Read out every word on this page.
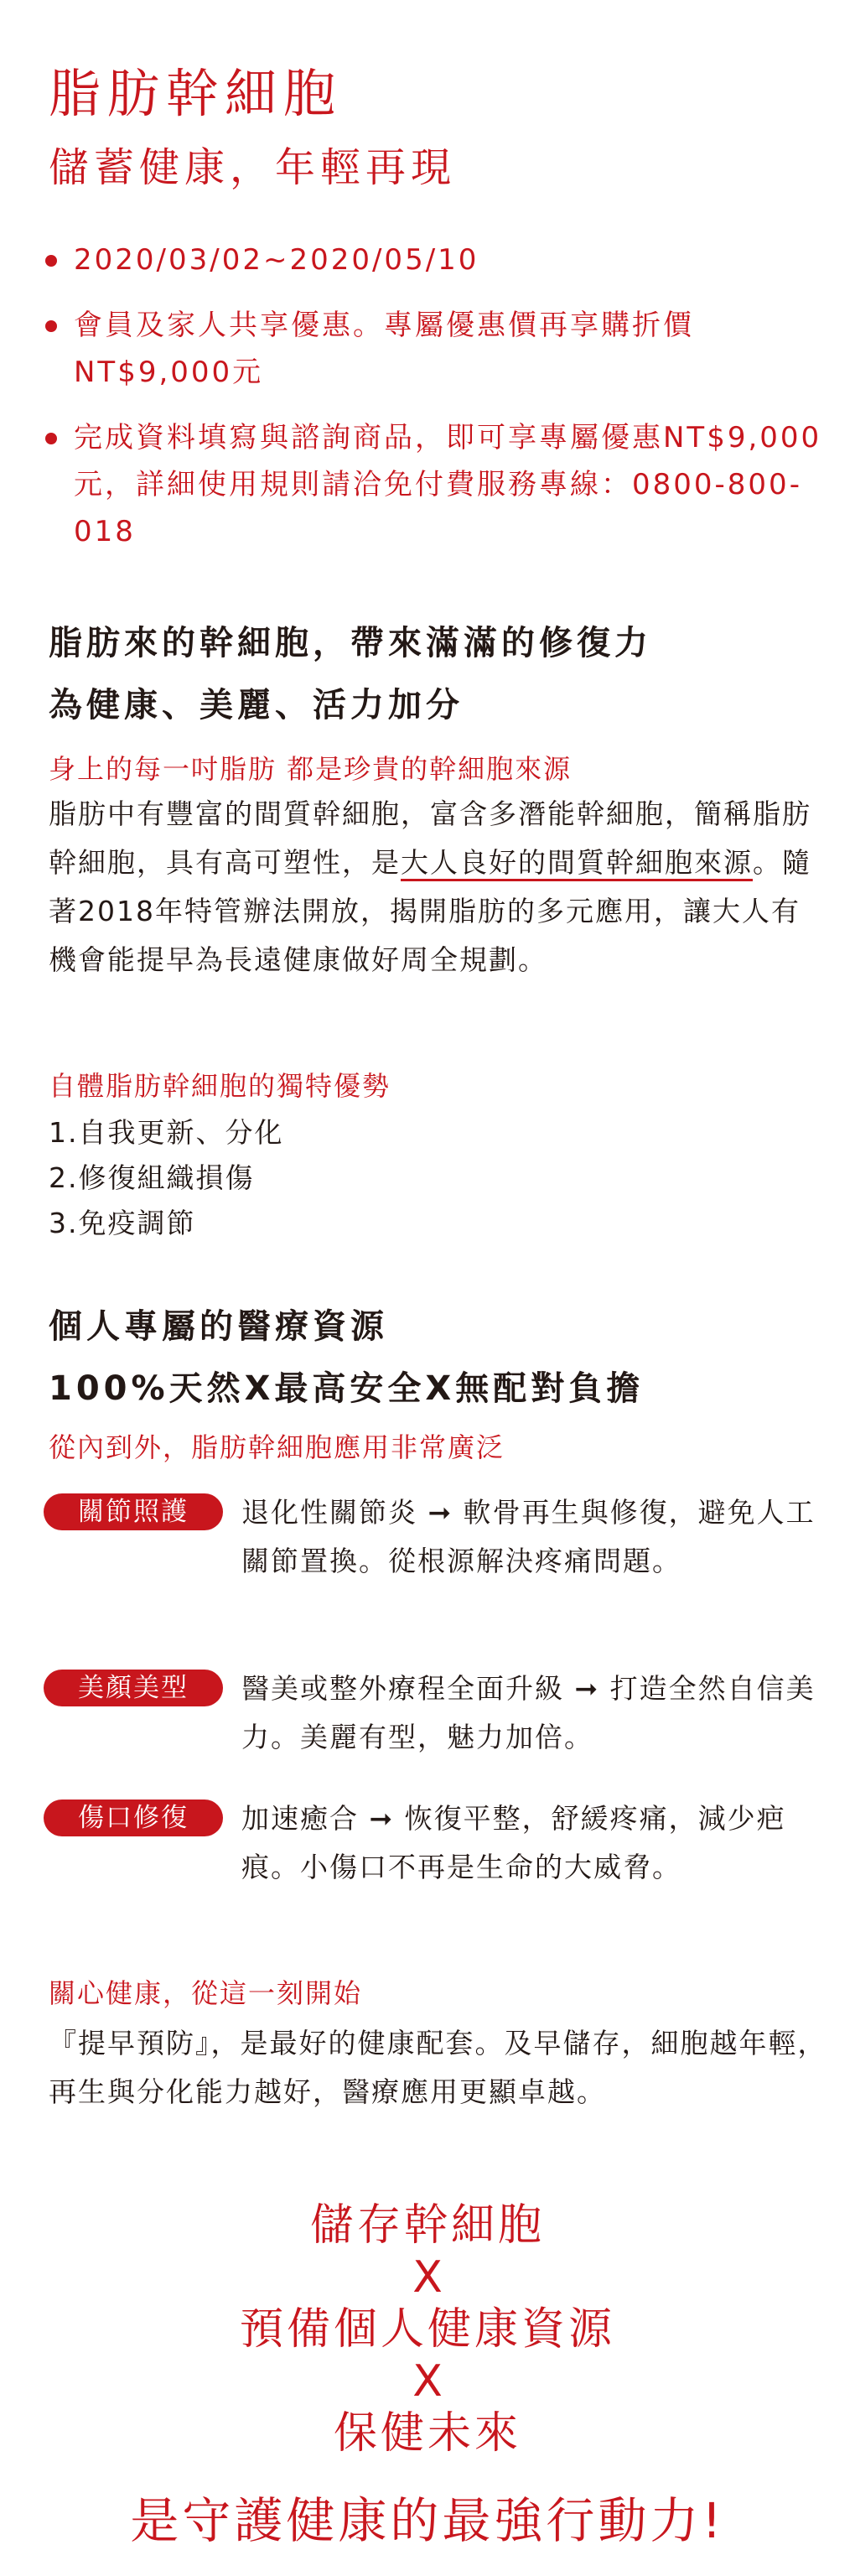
脂肪幹細胞
儲蓄健康，年輕再現
2020/03/02~2020/05/10
會員及家人共享優惠。專屬優惠價再享購折價NT$9,000元
完成資料填寫與諮詢商品，即可享專屬優惠NT$9,000元，詳細使用規則請洽免付費服務專線：0800-800-018
脂肪來的幹細胞，帶來滿滿的修復力
為健康、美麗、活力加分
身上的每一吋脂肪 都是珍貴的幹細胞來源
脂肪中有豐富的間質幹細胞，富含多潛能幹細胞，簡稱脂肪幹細胞，具有高可塑性，是大人良好的間質幹細胞來源。隨著2018年特管辦法開放，揭開脂肪的多元應用，讓大人有機會能提早為長遠健康做好周全規劃。
自體脂肪幹細胞的獨特優勢
1.自我更新、分化
2.修復組織損傷
3.免疫調節
個人專屬的醫療資源
100%天然X最高安全X無配對負擔
從內到外，脂肪幹細胞應用非常廣泛
關節照護	退化性關節炎 ➞ 軟骨再生與修復，避免人工關節置換。從根源解決疼痛問題。
美顏美型	醫美或整外療程全面升級 ➞ 打造全然自信美力。美麗有型，魅力加倍。
傷口修復	加速癒合 ➞ 恢復平整，舒緩疼痛，減少疤痕。小傷口不再是生命的大威脅。
關心健康，從這一刻開始
『提早預防』，是最好的健康配套。及早儲存，細胞越年輕，再生與分化能力越好，醫療應用更顯卓越。
儲存幹細胞
X
預備個人健康資源
X
保健未來
是守護健康的最強行動力!
